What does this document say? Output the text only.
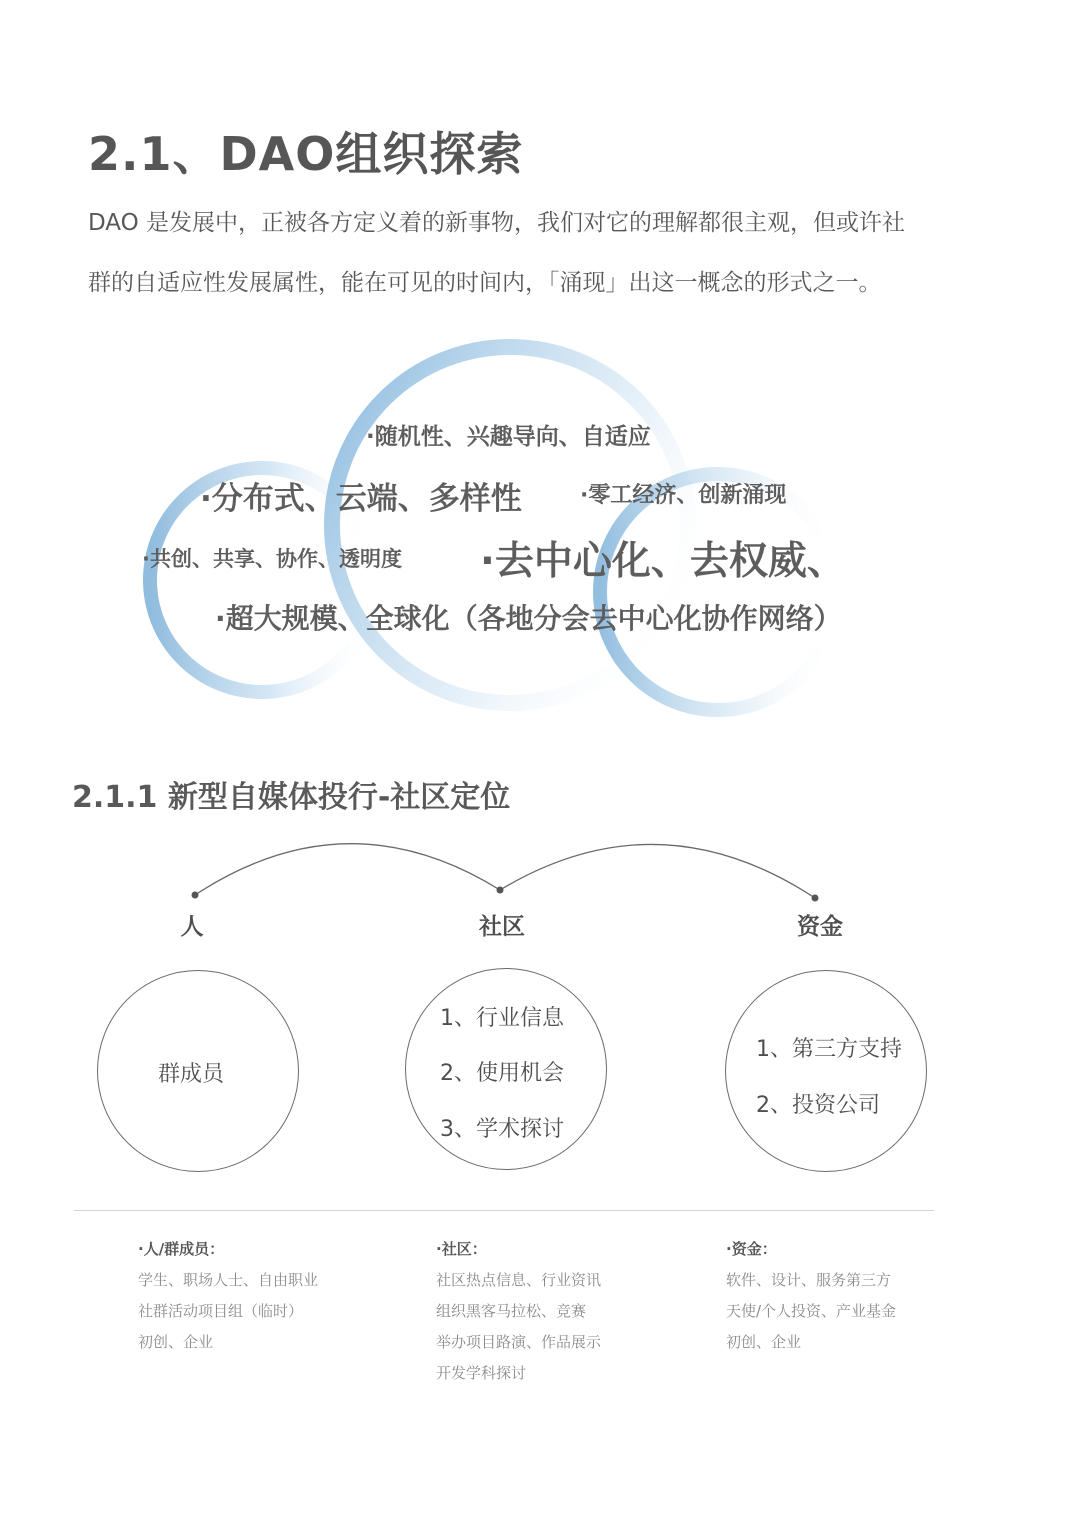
2.1、DAO组织探索
DAO 是发展中，正被各方定义着的新事物，我们对它的理解都很主观，但或许社
群的自适应性发展属性，能在可见的时间内，「涌现」出这一概念的形式之一。
·随机性、兴趣导向、自适应
·分布式、云端、多样性	·零工经济、创新涌现
·共创、共享、协作、透明度 ·去中心化、去权威、
·超大规模、全球化（各地分会去中心化协作网络）
2.1.1 新型自媒体投行-社区定位
人	社区	资金
群成员
1、行业信息
2、使用机会
3、学术探讨
1、第三方支持
2、投资公司
·人/群成员：
学生、职场人士、自由职业
社群活动项目组（临时）
初创、企业
·社区：
社区热点信息、行业资讯
组织黑客马拉松、竞赛
举办项目路演、作品展示
开发学科探讨
·资金：
软件、设计、服务第三方
天使/个人投资、产业基金
初创、企业
